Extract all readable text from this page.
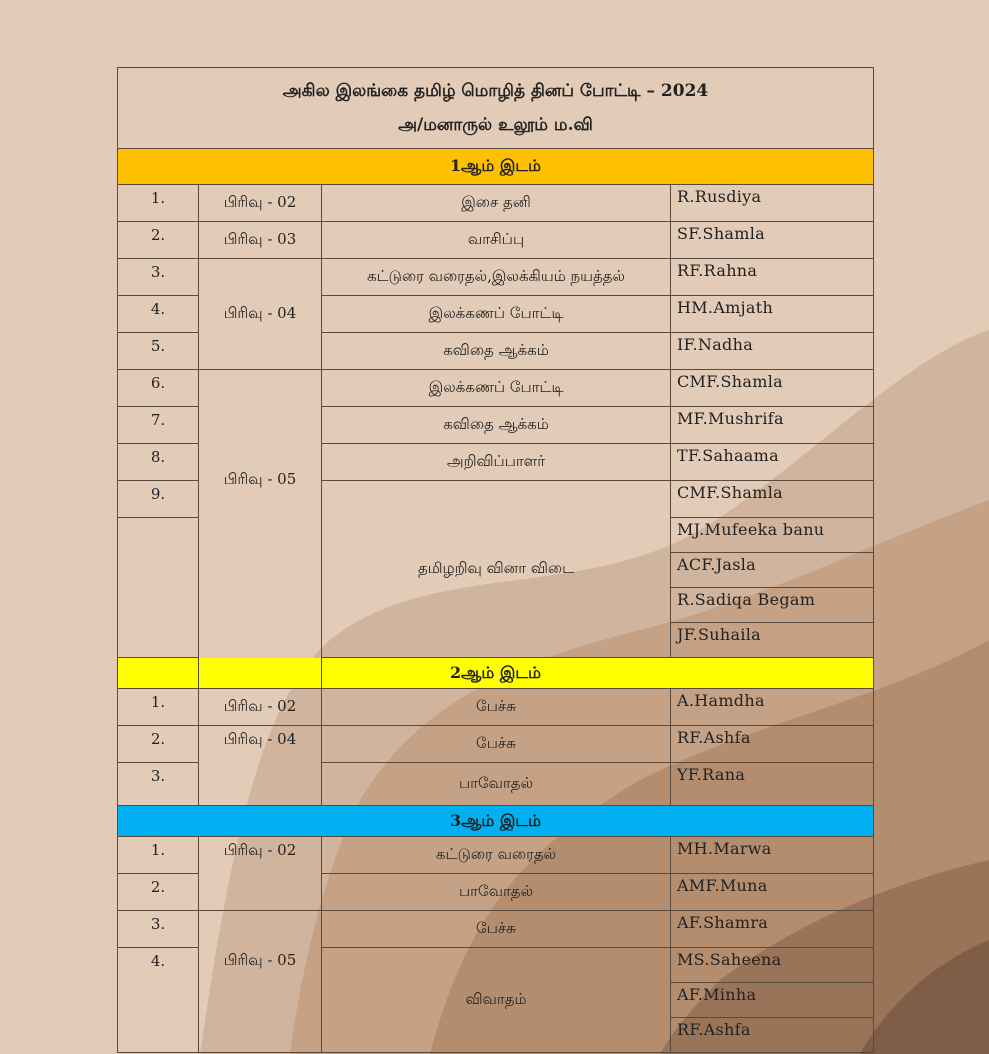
அகில இலங்கை தமிழ் மொழித் தினப் போட்டி – 2024
அ/மனாருல் உலூம் ம.வி			

1ஆம் இடம்			
1.	பிரிவு - 02	இசை தனி	R.Rusdiya
2.	பிரிவு - 03	வாசிப்பு	SF.Shamla
3.	பிரிவு - 04	கட்டுரை வரைதல்,இலக்கியம் நயத்தல்	RF.Rahna
4.		இலக்கணப் போட்டி	HM.Amjath
5.		கவிதை ஆக்கம்	IF.Nadha
6.	பிரிவு - 05	இலக்கணப் போட்டி	CMF.Shamla
7.		கவிதை ஆக்கம்	MF.Mushrifa
8.		அறிவிப்பாளர்	TF.Sahaama
9.		தமிழறிவு வினா விடை	CMF.Shamla
			MJ.Mufeeka banu
			ACF.Jasla
			R.Sadiqa Begam
			JF.Suhaila
2ஆம் இடம்			
1.	பிரிவ - 02	பேச்சு	A.Hamdha
2.	பிரிவு - 04	பேச்சு	RF.Ashfa
3.		பாவோதல்	YF.Rana
3ஆம் இடம்			
1.	பிரிவு - 02	கட்டுரை வரைதல்	MH.Marwa
2.		பாவோதல்	AMF.Muna
3.	பிரிவு - 05	பேச்சு	AF.Shamra
4.		விவாதம்	MS.Saheena
			AF.Minha
			RF.Ashfa
